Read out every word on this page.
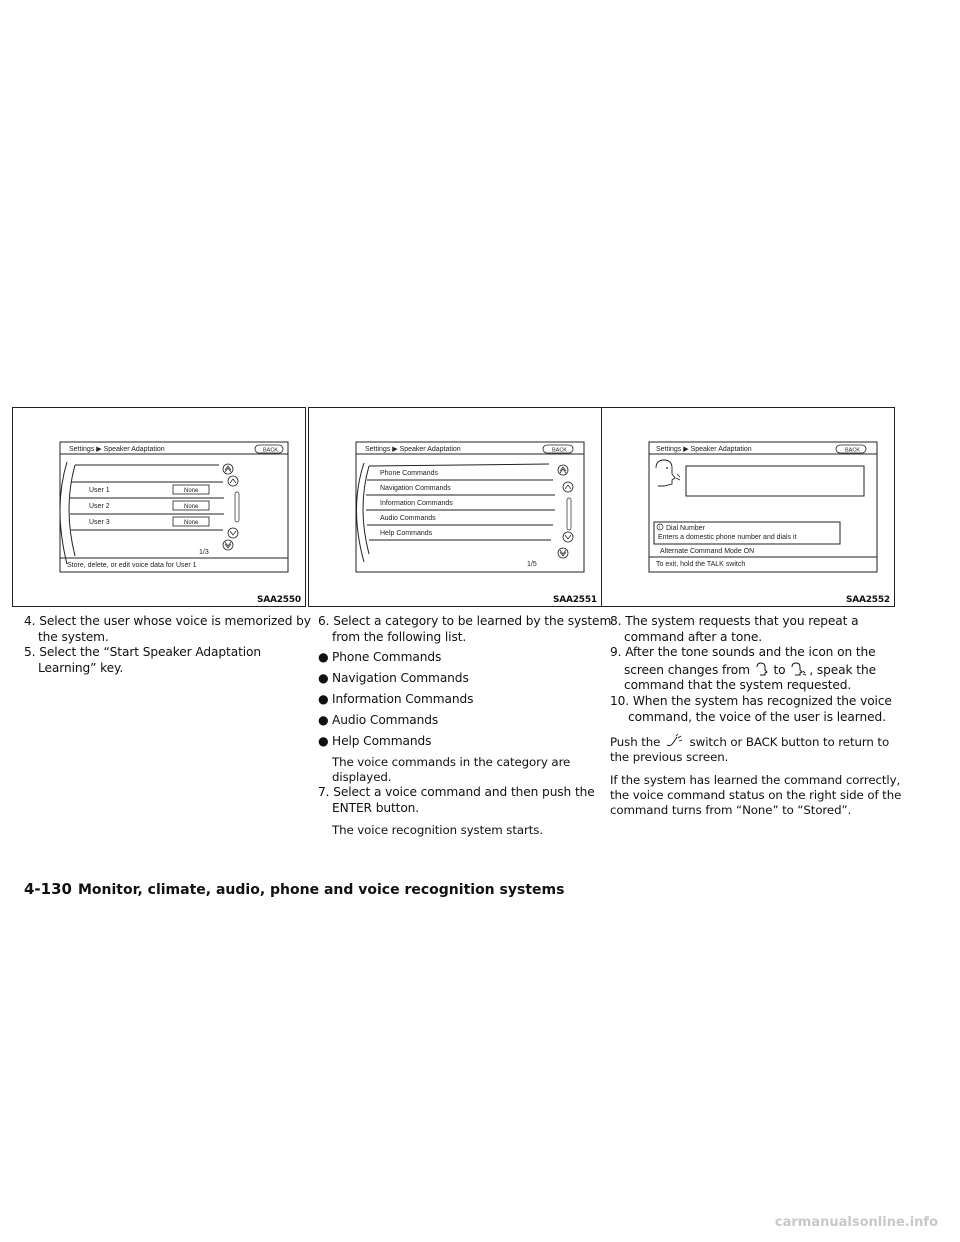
Settings ▶ Speaker Adaptation	BACK
User 1	None
User 2	None
User 3	None
1/3
Store, delete, or edit voice data for User 1
SAA2550
Settings ▶ Speaker Adaptation	BACK
Phone Commands
Navigation Commands
Information Commands
Audio Commands
Help Commands
1/5
SAA2551
Settings ▶ Speaker Adaptation	BACK
i Dial Number
Enters a domestic phone number and dials it
Alternate Command Mode ON
To exit, hold the TALK switch
SAA2552

4. Select the user whose voice is memorized by the system.

5. Select the “Start Speaker Adaptation Learning” key.

6. Select a category to be learned by the system from the following list.

● Phone Commands
● Navigation Commands
● Information Commands
● Audio Commands
● Help Commands

The voice commands in the category are displayed.

7. Select a voice command and then push the ENTER button.

The voice recognition system starts.

8. The system requests that you repeat a command after a tone.

9. After the tone sounds and the icon on the screen changes from to , speak the command that the system requested.

10. When the system has recognized the voice command, the voice of the user is learned.

Push the switch or BACK button to return to the previous screen.

If the system has learned the command correctly, the voice command status on the right side of the command turns from “None” to “Stored”.

4-130 Monitor, climate, audio, phone and voice recognition systems
carmanualsonline.info
